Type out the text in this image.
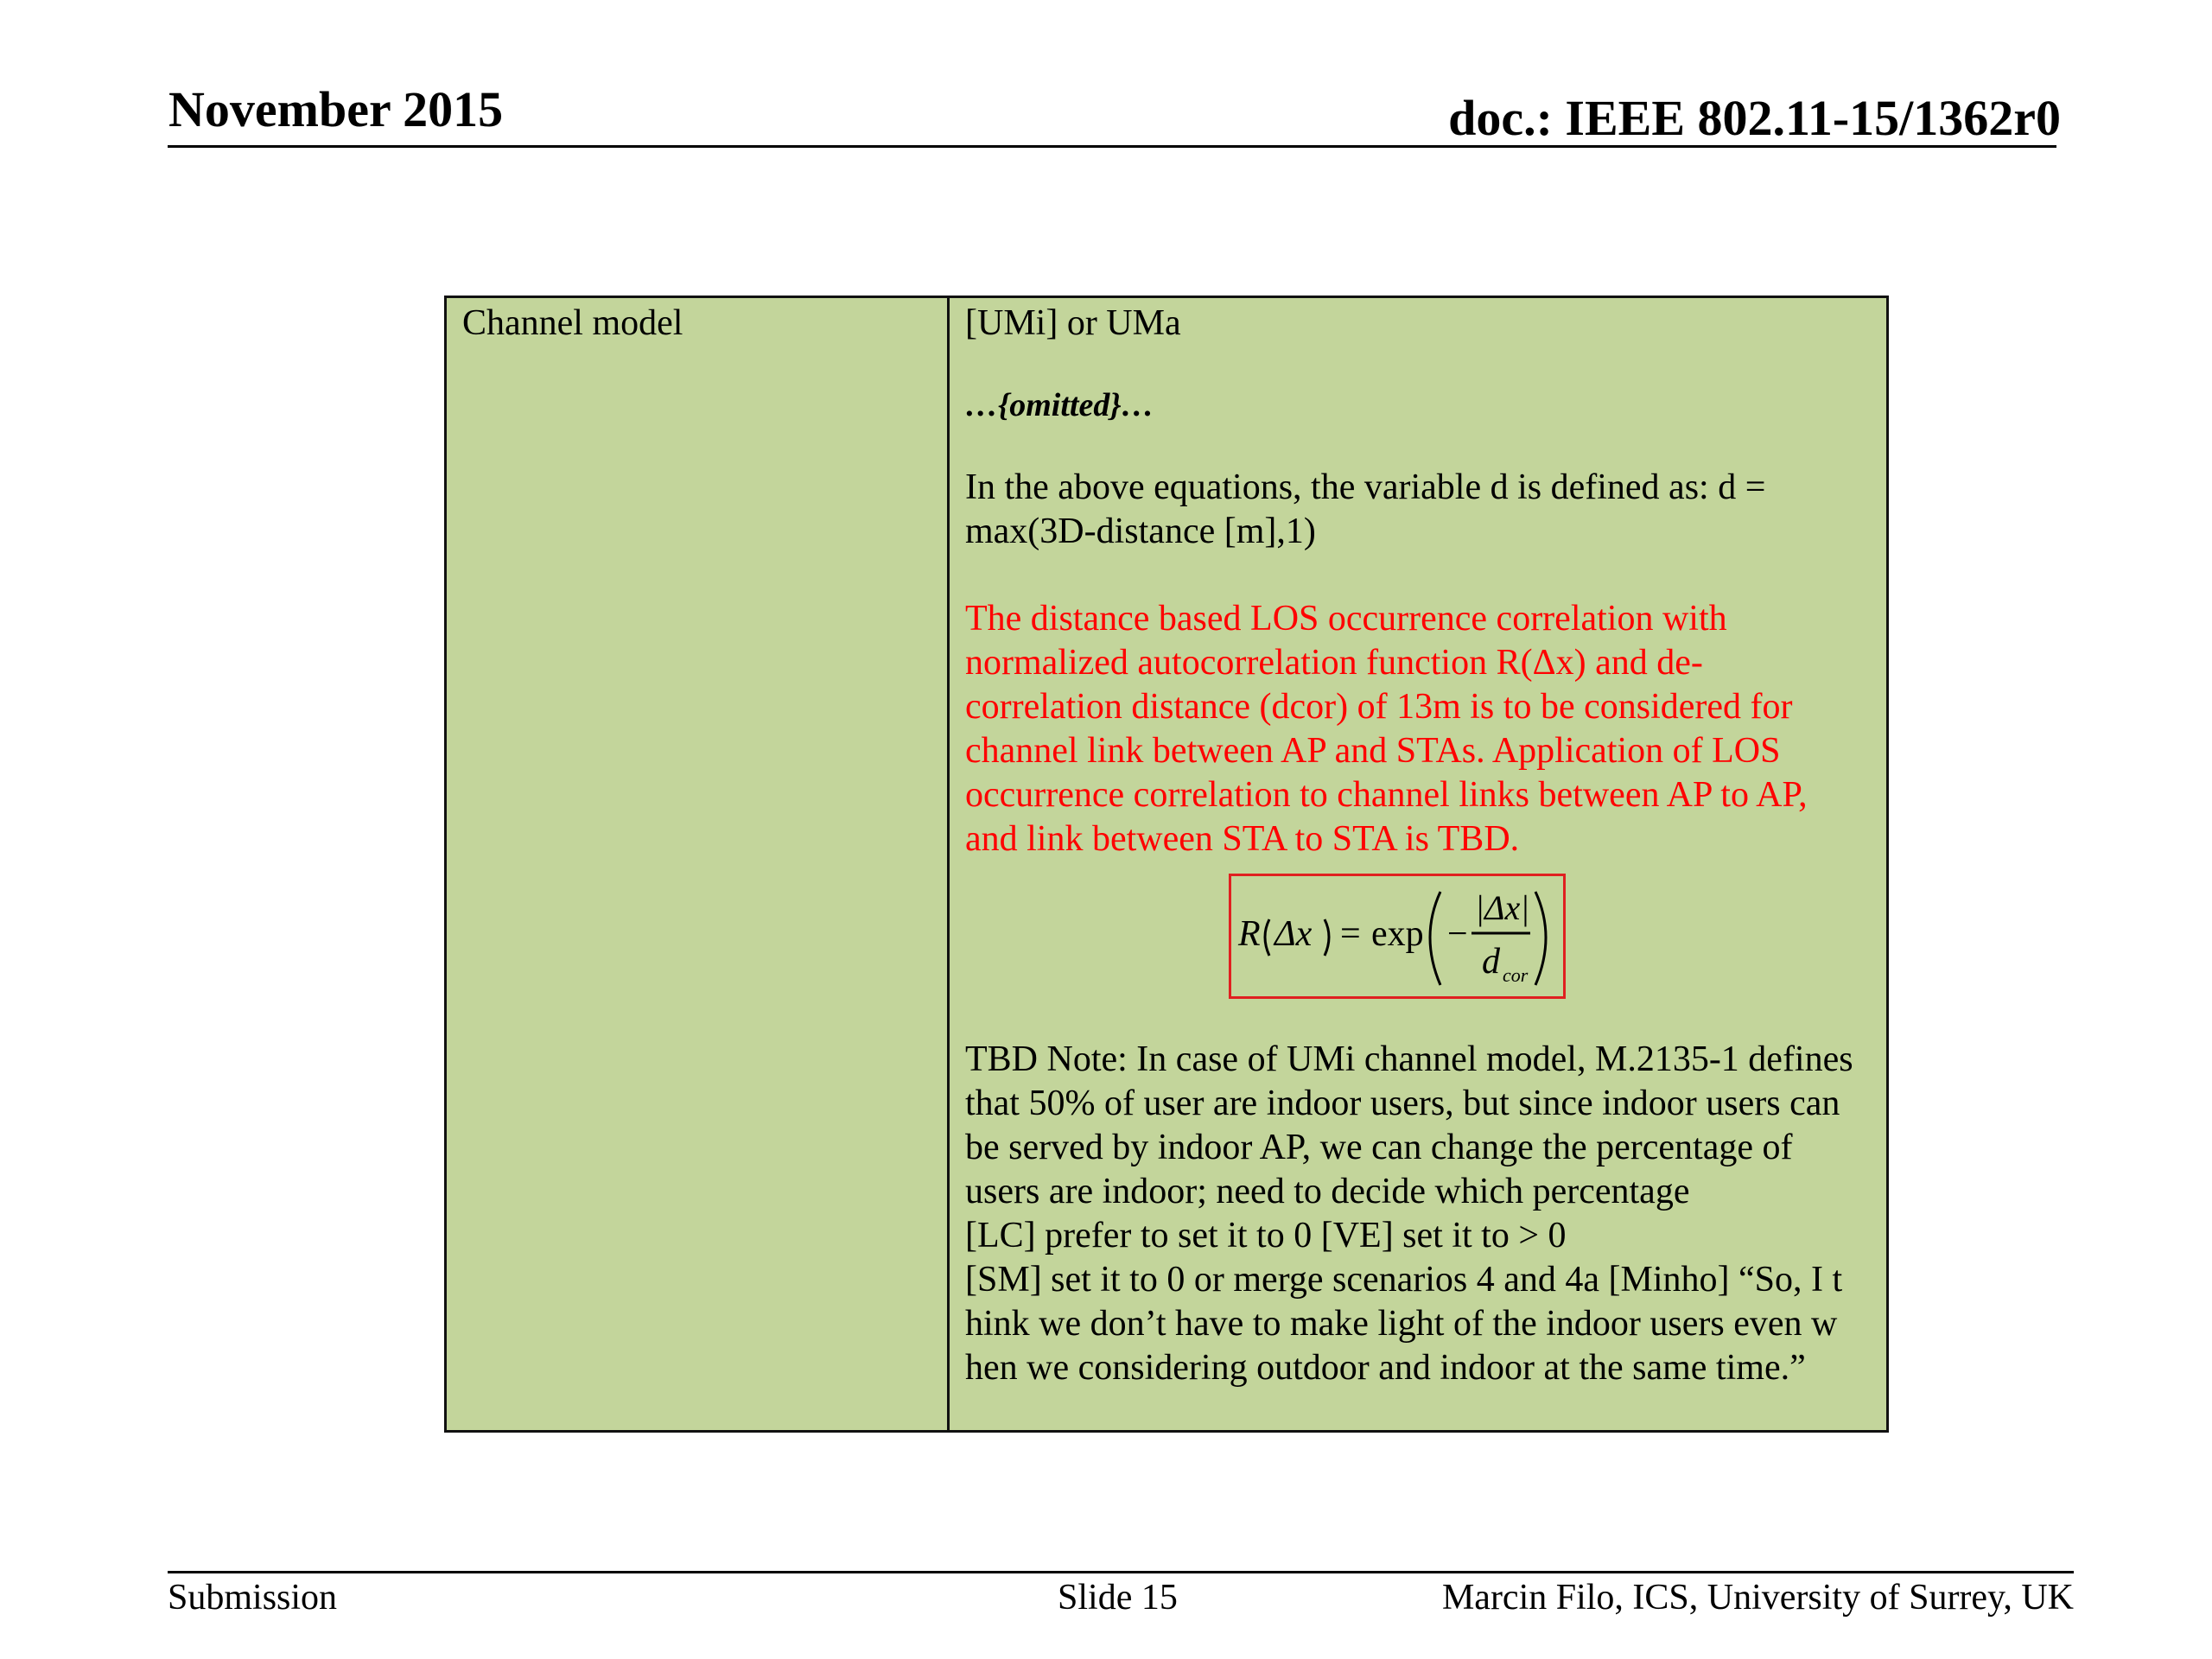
November 2015	doc.: IEEE 802.11-15/1362r0

Channel model	[UMi] or UMa

…{omitted}…

In the above equations, the variable d is defined as: d =
max(3D-distance [m],1)

The distance based LOS occurrence correlation with
normalized autocorrelation function R(Δx) and de-
correlation distance (dcor) of 13m is to be considered for
channel link between AP and STAs. Application of LOS
occurrence correlation to channel links between AP to AP,
and link between STA to STA is TBD.

R Δx = exp −
|Δx|
d cor

TBD Note: In case of UMi channel model, M.2135-1 defines
that 50% of user are indoor users, but since indoor users can
be served by indoor AP, we can change the percentage of
users are indoor; need to decide which percentage
[LC] prefer to set it to 0 [VE] set it to > 0
[SM] set it to 0 or merge scenarios 4 and 4a [Minho] “So, I t
hink we don’t have to make light of the indoor users even w
hen we considering outdoor and indoor at the same time.”

Submission	Slide 15	Marcin Filo, ICS, University of Surrey, UK
